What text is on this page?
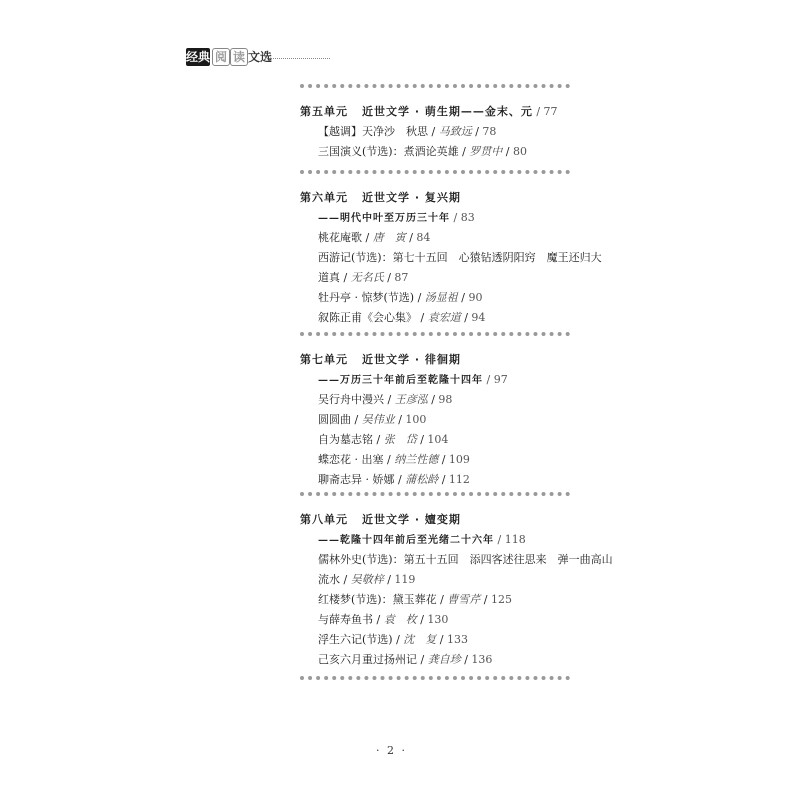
经典 阅 读 文选
第五单元 近世文学 · 萌生期——金末、元 / 77
【越调】天净沙　秋思 / 马致远 / 78
三国演义(节选)：煮酒论英雄 / 罗贯中 / 80
第六单元 近世文学 · 复兴期
——明代中叶至万历三十年 / 83
桃花庵歌 / 唐　寅 / 84
西游记(节选)：第七十五回　心猿钻透阴阳窍　魔王还归大
道真 / 无名氏 / 87
牡丹亭 · 惊梦(节选) / 汤显祖 / 90
叙陈正甫《会心集》 / 袁宏道 / 94
第七单元 近世文学 · 徘徊期
——万历三十年前后至乾隆十四年 / 97
吴行舟中漫兴 / 王彦泓 / 98
圆圆曲 / 吴伟业 / 100
自为墓志铭 / 张　岱 / 104
蝶恋花 · 出塞 / 纳兰性德 / 109
聊斋志异 · 娇娜 / 蒲松龄 / 112
第八单元 近世文学 · 嬗变期
——乾隆十四年前后至光绪二十六年 / 118
儒林外史(节选)：第五十五回　添四客述往思来　弹一曲高山
流水 / 吴敬梓 / 119
红楼梦(节选)：黛玉葬花 / 曹雪芹 / 125
与薛寿鱼书 / 袁　枚 / 130
浮生六记(节选) / 沈　复 / 133
己亥六月重过扬州记 / 龚自珍 / 136
· 2 ·
